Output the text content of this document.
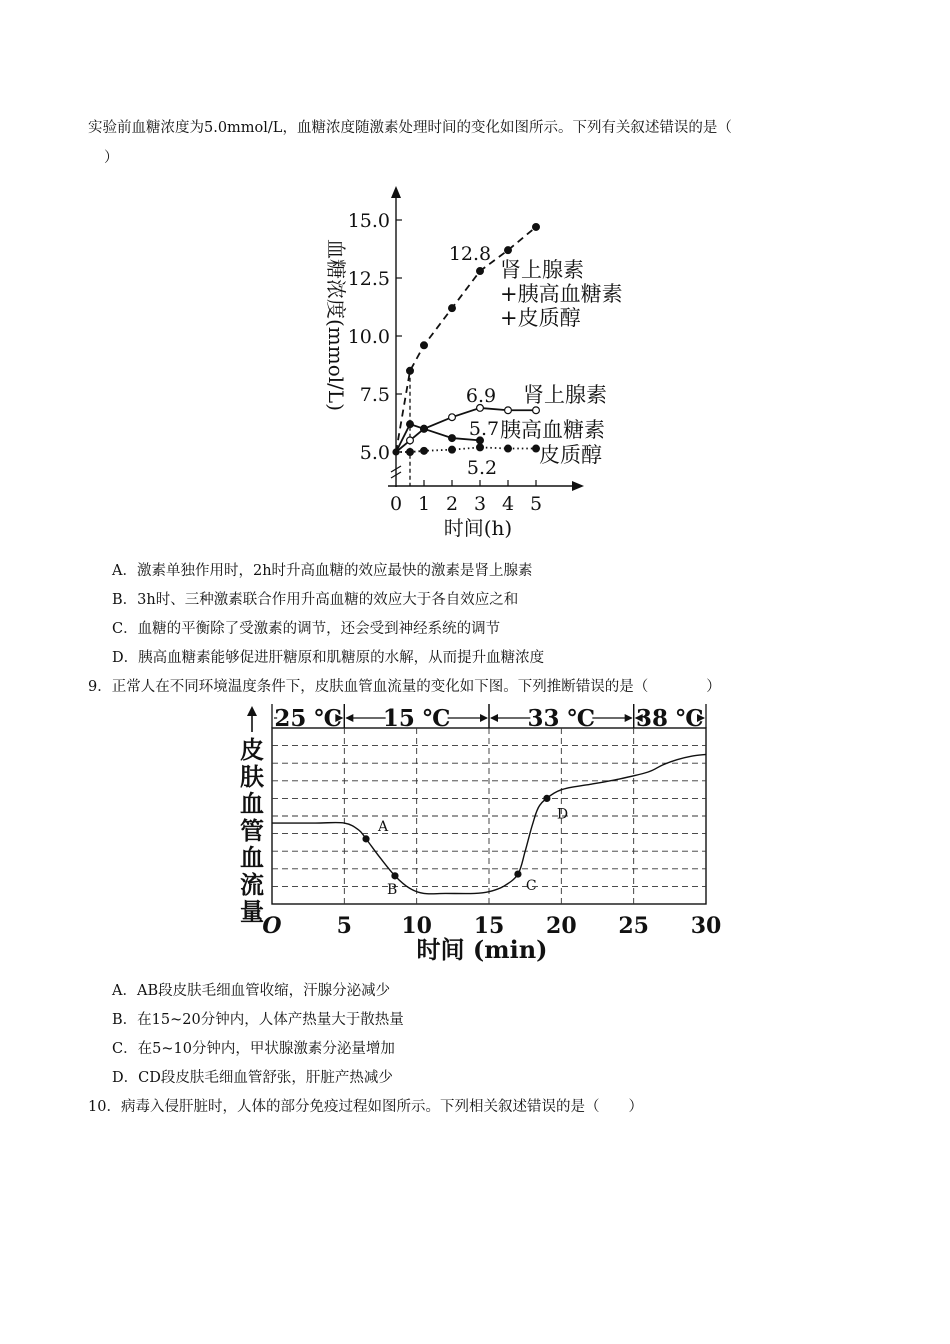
实验前血糖浓度为5.0mmol/L，血糖浓度随激素处理时间的变化如图所示。下列有关叙述错误的是（
）
5.0
7.5
10.0
12.5
15.0
0 1 2 3 4 5
时间(h)
血糖浓度(mmol/L)	12.8
6.9
5.7
5.2
肾上腺素
+胰高血糖素
+皮质醇
肾上腺素
胰高血糖素
皮质醇
A．激素单独作用时，2h时升高血糖的效应最快的激素是肾上腺素
B．3h时、三种激素联合作用升高血糖的效应大于各自效应之和
C．血糖的平衡除了受激素的调节，还会受到神经系统的调节
D．胰高血糖素能够促进肝糖原和肌糖原的水解，从而提升血糖浓度
9．正常人在不同环境温度条件下，皮肤血管血流量的变化如下图。下列推断错误的是（　　　　）
25 ℃ 15 ℃	33 ℃ 38 ℃
皮
肤
血
管
血
流
量
O	5 10 15 20 25 30
时间 (min)
A
B	C
D
A．AB段皮肤毛细血管收缩，汗腺分泌减少
B．在15~20分钟内，人体产热量大于散热量
C．在5~10分钟内，甲状腺激素分泌量增加
D．CD段皮肤毛细血管舒张，肝脏产热减少
10．病毒入侵肝脏时，人体的部分免疫过程如图所示。下列相关叙述错误的是（　　）
